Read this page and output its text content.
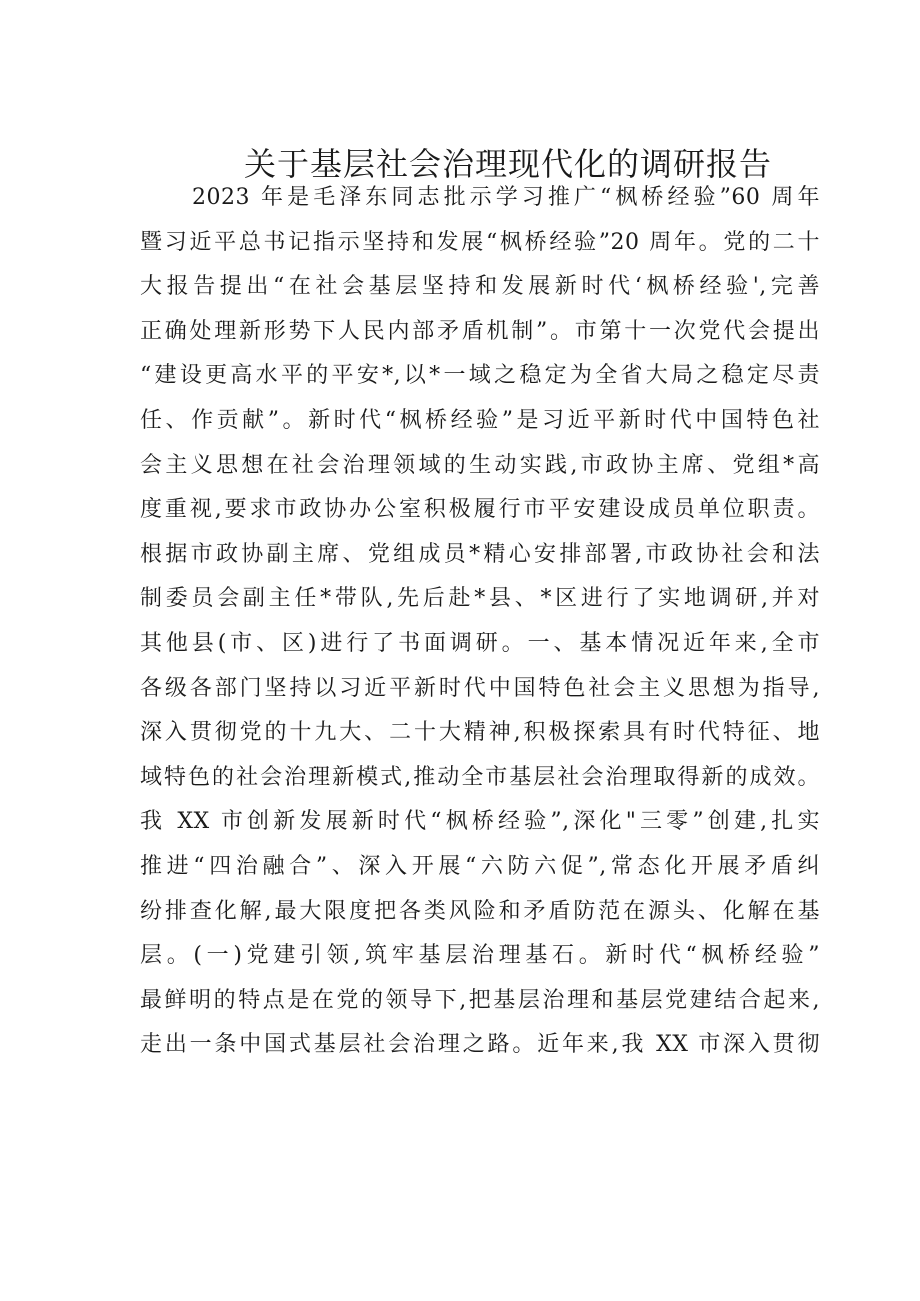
关于基层社会治理现代化的调研报告
2023 年是毛泽东同志批示学习推广“枫桥经验”60 周年
暨习近平总书记指示坚持和发展“枫桥经验”20 周年。党的二十
大报告提出“在社会基层坚持和发展新时代‘枫桥经验',完善
正确处理新形势下人民内部矛盾机制”。市第十一次党代会提出
“建设更高水平的平安*,以*一域之稳定为全省大局之稳定尽责
任、作贡献”。新时代“枫桥经验”是习近平新时代中国特色社
会主义思想在社会治理领域的生动实践,市政协主席、党组*高
度重视,要求市政协办公室积极履行市平安建设成员单位职责。
根据市政协副主席、党组成员*精心安排部署,市政协社会和法
制委员会副主任*带队,先后赴*县、*区进行了实地调研,并对
其他县(市、区)进行了书面调研。一、基本情况近年来,全市
各级各部门坚持以习近平新时代中国特色社会主义思想为指导,
深入贯彻党的十九大、二十大精神,积极探索具有时代特征、地
域特色的社会治理新模式,推动全市基层社会治理取得新的成效。
我 XX 市创新发展新时代“枫桥经验”,深化"三零”创建,扎实
推进“四治融合”、深入开展“六防六促”,常态化开展矛盾纠
纷排查化解,最大限度把各类风险和矛盾防范在源头、化解在基
层。(一)党建引领,筑牢基层治理基石。新时代“枫桥经验”
最鲜明的特点是在党的领导下,把基层治理和基层党建结合起来,
走出一条中国式基层社会治理之路。近年来,我 XX 市深入贯彻
